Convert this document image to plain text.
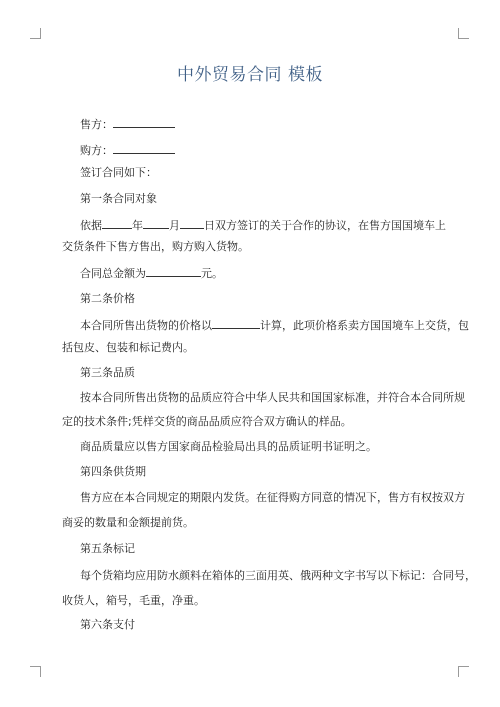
中外贸易合同 模板
售方：
购方：
签订合同如下：
第一条合同对象
依据	年 月 日双方签订的关于合作的协议，在售方国国境车上
交货条件下售方售出，购方购入货物。
合同总金额为	元。
第二条价格
本合同所售出货物的价格以	计算，此项价格系卖方国国境车上交货，包
括包皮、包装和标记费内。
第三条品质
按本合同所售出货物的品质应符合中华人民共和国国家标准，并符合本合同所规
定的技术条件;凭样交货的商品品质应符合双方确认的样品。
商品质量应以售方国家商品检验局出具的品质证明书证明之。
第四条供货期
售方应在本合同规定的期限内发货。在征得购方同意的情况下，售方有权按双方
商妥的数量和金额提前货。
第五条标记
每个货箱均应用防水颜料在箱体的三面用英、俄两种文字书写以下标记：合同号，
收货人，箱号，毛重，净重。
第六条支付
